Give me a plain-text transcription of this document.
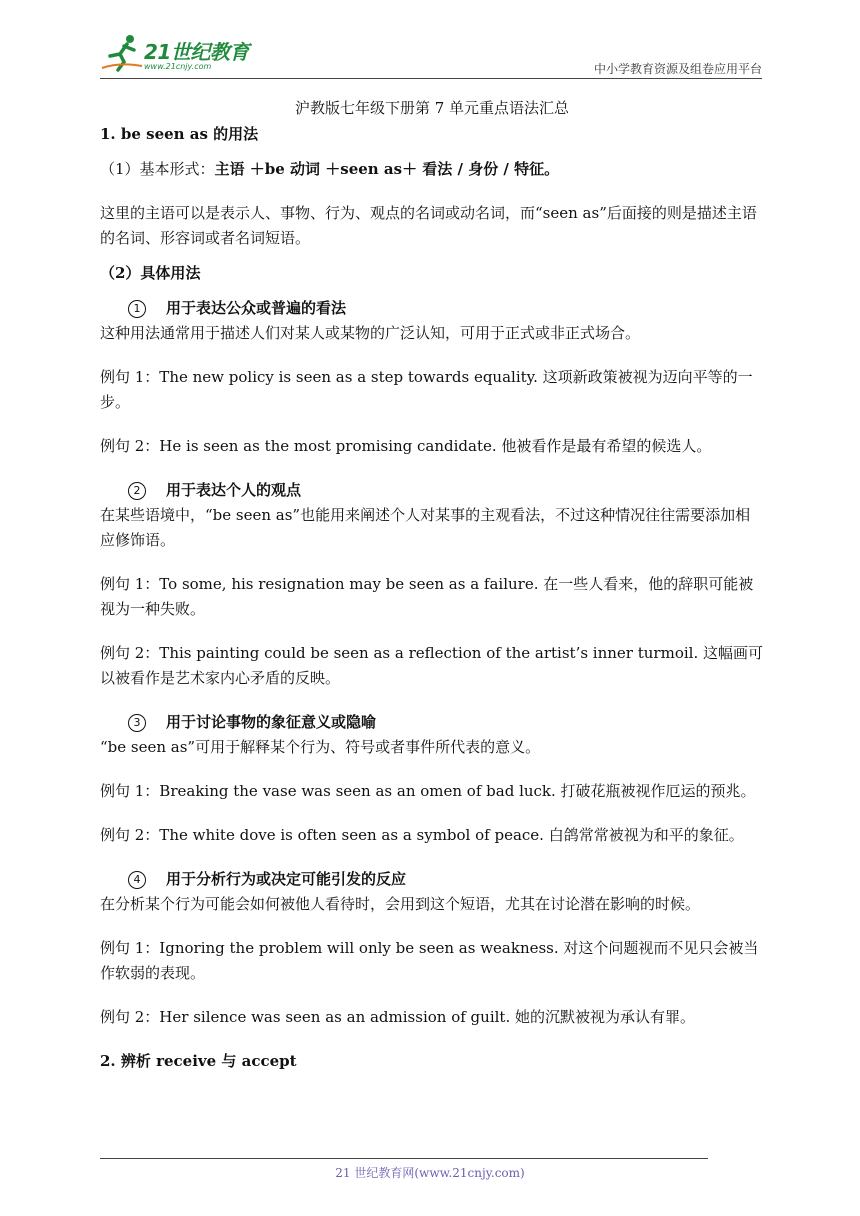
21世纪教育
www.21cnjy.com	中小学教育资源及组卷应用平台

沪教版七年级下册第 7 单元重点语法汇总

1. be seen as 的用法

（1）基本形式：主语 ＋be 动词 ＋seen as＋ 看法 / 身份 / 特征。

这里的主语可以是表示人、事物、行为、观点的名词或动名词，而“seen as”后面接的则是描述主语的名词、形容词或者名词短语。

（2）具体用法

1	用于表达公众或普遍的看法

这种用法通常用于描述人们对某人或某物的广泛认知，可用于正式或非正式场合。

例句 1：The new policy is seen as a step towards equality. 这项新政策被视为迈向平等的一步。

例句 2：He is seen as the most promising candidate. 他被看作是最有希望的候选人。

2	用于表达个人的观点

在某些语境中，“be seen as”也能用来阐述个人对某事的主观看法，不过这种情况往往需要添加相应修饰语。

例句 1：To some, his resignation may be seen as a failure. 在一些人看来，他的辞职可能被视为一种失败。

例句 2：This painting could be seen as a reflection of the artist’s inner turmoil. 这幅画可以被看作是艺术家内心矛盾的反映。

3	用于讨论事物的象征意义或隐喻

“be seen as”可用于解释某个行为、符号或者事件所代表的意义。

例句 1：Breaking the vase was seen as an omen of bad luck. 打破花瓶被视作厄运的预兆。

例句 2：The white dove is often seen as a symbol of peace. 白鸽常常被视为和平的象征。

4	用于分析行为或决定可能引发的反应

在分析某个行为可能会如何被他人看待时，会用到这个短语，尤其在讨论潜在影响的时候。

例句 1：Ignoring the problem will only be seen as weakness. 对这个问题视而不见只会被当作软弱的表现。

例句 2：Her silence was seen as an admission of guilt. 她的沉默被视为承认有罪。

2. 辨析 receive 与 accept

21 世纪教育网(www.21cnjy.com)
